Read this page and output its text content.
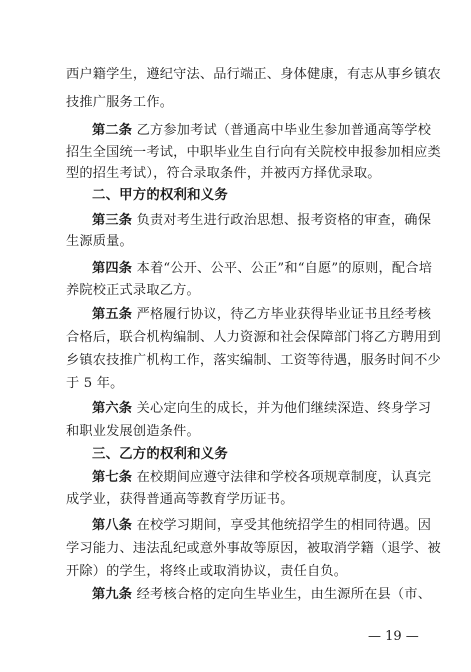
西户籍学生，遵纪守法、品行端正、身体健康，有志从事乡镇农
技推广服务工作。
第二条 乙方参加考试（普通高中毕业生参加普通高等学校
招生全国统一考试，中职毕业生自行向有关院校申报参加相应类
型的招生考试），符合录取条件，并被丙方择优录取。
二、甲方的权利和义务
第三条 负责对考生进行政治思想、报考资格的审查，确保
生源质量。
第四条 本着“公开、公平、公正”和“自愿”的原则，配合培
养院校正式录取乙方。
第五条 严格履行协议，待乙方毕业获得毕业证书且经考核
合格后，联合机构编制、人力资源和社会保障部门将乙方聘用到
乡镇农技推广机构工作，落实编制、工资等待遇，服务时间不少
于 5 年。
第六条 关心定向生的成长，并为他们继续深造、终身学习
和职业发展创造条件。
三、乙方的权利和义务
第七条 在校期间应遵守法律和学校各项规章制度，认真完
成学业，获得普通高等教育学历证书。
第八条 在校学习期间，享受其他统招学生的相同待遇。因
学习能力、违法乱纪或意外事故等原因，被取消学籍（退学、被
开除）的学生，将终止或取消协议，责任自负。
第九条 经考核合格的定向生毕业生，由生源所在县（市、
— 19 —
